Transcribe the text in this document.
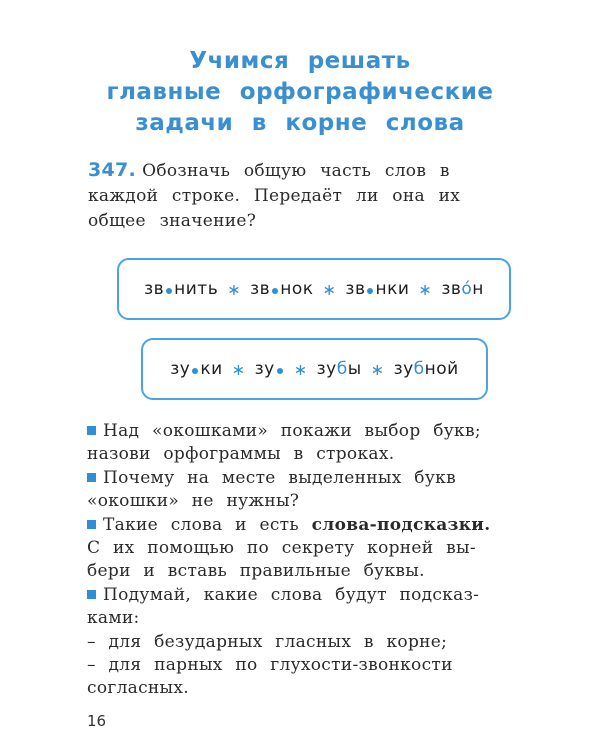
Учимся решать
главные орфографические
задачи в корне слова
347. Обозначь общую часть слов в
каждой строке. Передаёт ли она их
общее значение?
зв нить ∗ зв нок ∗ зв нки ∗ зво́н
зу ки ∗ зу	∗ зубы ∗ зубной
Над «окошками» покажи выбор букв;
назови орфограммы в строках.
Почему на месте выделенных букв
«окошки» не нужны?
Такие слова и есть слова-подсказки.
С их помощью по секрету корней вы-
бери и вставь правильные буквы.
Подумай, какие слова будут подсказ-
ками:
– для безударных гласных в корне;
– для парных по глухости-звонкости
согласных.
16
